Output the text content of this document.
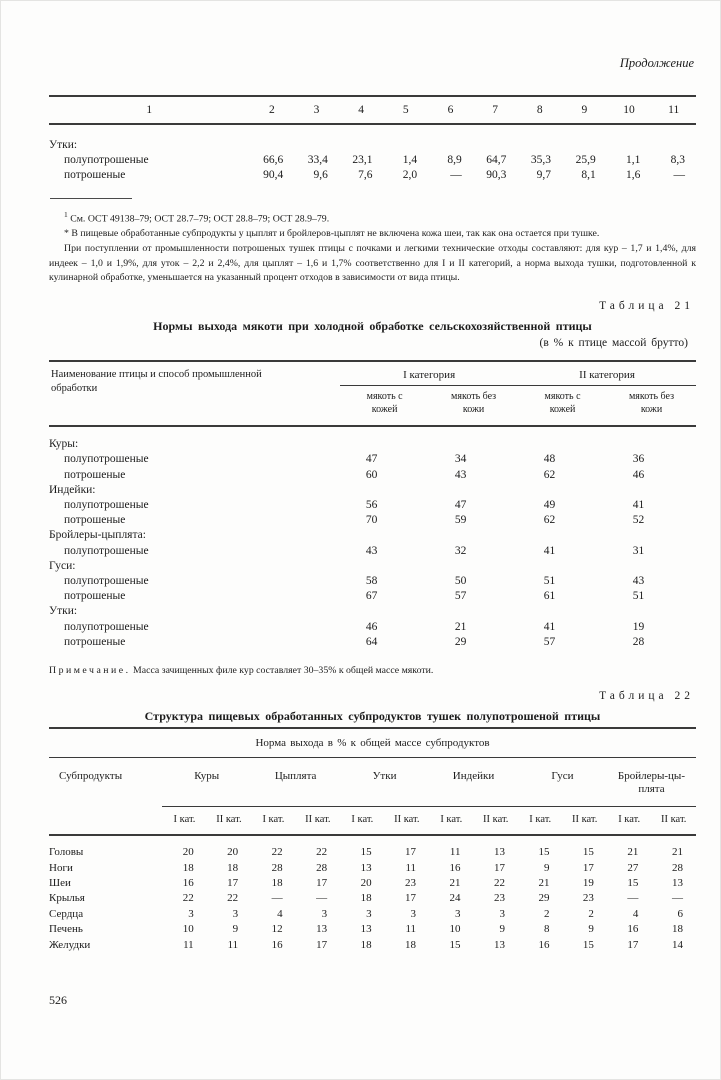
Продолжение
1	2	3	4	5	6	7	8	9	10	11
Утки:										
полупотрошеные	66,6	33,4	23,1	1,4	8,9	64,7	35,3	25,9	1,1	8,3
потрошеные	90,4	9,6	7,6	2,0	—	90,3	9,7	8,1	1,6	—

$^1$ См. ОСТ 49138–79; ОСТ 28.7–79; ОСТ 28.8–79; ОСТ 28.9–79.

* В пищевые обработанные субпродукты у цыплят и бройлеров-цыплят не включена кожа шеи, так как она остается при тушке.

При поступлении от промышленности потрошеных тушек птицы с почками и легкими технические отходы составляют: для кур – 1,7 и 1,4%, для индеек – 1,0 и 1,9%, для уток – 2,2 и 2,4%, для цыплят – 1,6 и 1,7% соответственно для I и II категорий, а норма выхода тушки, подготовленной к кулинарной обработке, уменьшается на указанный процент отходов в зависимости от вида птицы.

Таблица 21
Нормы выхода мякоти при холодной обработке сельскохозяйственной птицы
(в % к птице массой брутто)
Наименование птицы и способ промышленной обработки	I категория		II категория	
	мякоть с кожей	мякоть без кожи	мякоть с кожей	мякоть без кожи
Куры:				
полупотрошеные	47	34	48	36
потрошеные	60	43	62	46
Индейки:				
полупотрошеные	56	47	49	41
потрошеные	70	59	62	52
Бройлеры-цыплята:				
полупотрошеные	43	32	41	31
Гуси:				
полупотрошеные	58	50	51	43
потрошеные	67	57	61	51
Утки:				
полупотрошеные	46	21	41	19
потрошеные	64	29	57	28

Примечание. Масса зачищенных филе кур составляет 30–35% к общей массе мякоти.

Таблица 22
Структура пищевых обработанных субпродуктов тушек полупотрошеной птицы
Норма выхода в % к общей массе субпродуктов												
Субпродукты	Куры		Цыплята		Утки		Индейки		Гуси		Бройлеры-цыплята	
	I кат.	II кат.	I кат.	II кат.	I кат.	II кат.	I кат.	II кат.	I кат.	II кат.	I кат.	II кат.
Головы	20	20	22	22	15	17	11	13	15	15	21	21
Ноги	18	18	28	28	13	11	16	17	9	17	27	28
Шеи	16	17	18	17	20	23	21	22	21	19	15	13
Крылья	22	22	—	—	18	17	24	23	29	23	—	—
Сердца	3	3	4	3	3	3	3	3	2	2	4	6
Печень	10	9	12	13	13	11	10	9	8	9	16	18
Желудки	11	11	16	17	18	18	15	13	16	15	17	14
526
